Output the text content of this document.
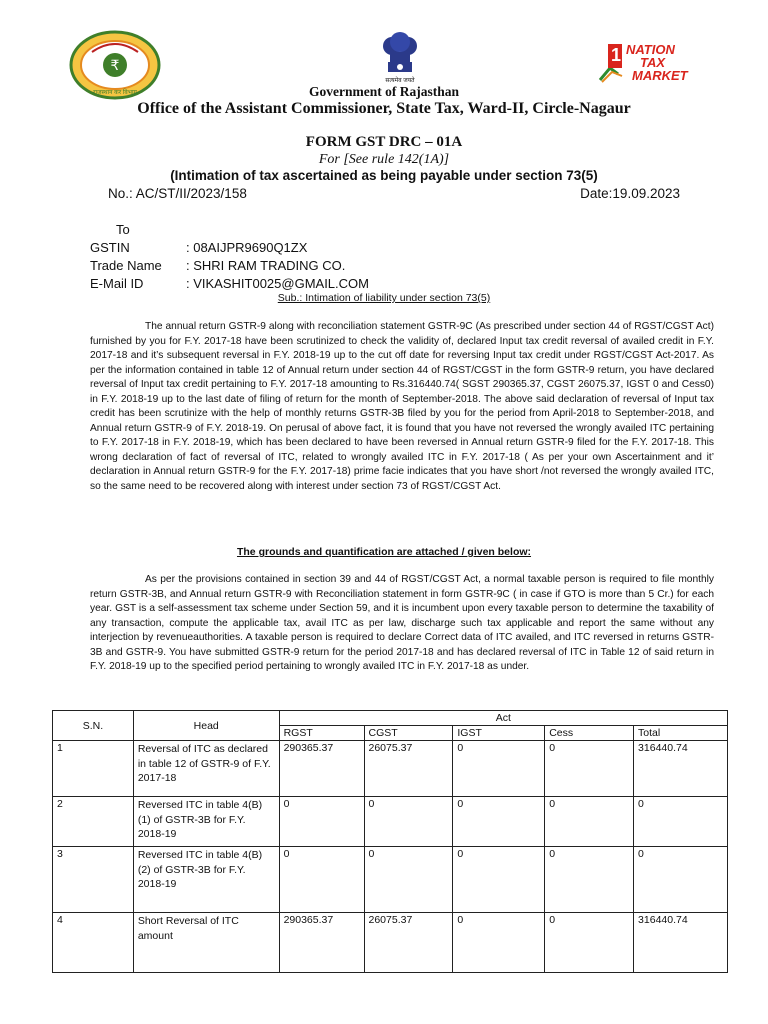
₹
राजस्थान कर विभाग
सत्यमेव जयते
1 NATION
TAX
MARKET
Government of Rajasthan
Office of the Assistant Commissioner, State Tax, Ward-II, Circle-Nagaur
FORM GST DRC – 01A
For [See rule 142(1A)]
(Intimation of tax ascertained as being payable under section 73(5)
No.: AC/ST/II/2023/158	Date:19.09.2023
To
GSTIN	: 08AIJPR9690Q1ZX
Trade Name : SHRI RAM TRADING CO.
E-Mail ID	: VIKASHIT0025@GMAIL.COM
Sub.: Intimation of liability under section 73(5)

The annual return GSTR-9 along with reconciliation statement GSTR-9C (As prescribed under section 44 of RGST/CGST Act) furnished by you for F.Y. 2017-18 have been scrutinized to check the validity of, declared Input tax credit reversal of availed credit in F.Y. 2017-18 and it’s subsequent reversal in F.Y. 2018-19 up to the cut off date for reversing Input tax credit under RGST/CGST Act-2017. As per the information contained in table 12 of Annual return under section 44 of RGST/CGST in the form GSTR-9 return, you have declared reversal of Input tax credit pertaining to F.Y. 2017-18 amounting to Rs.316440.74( SGST 290365.37, CGST 26075.37, IGST 0 and Cess0) in F.Y. 2018-19 up to the last date of filing of return for the month of September-2018. The above said declaration of reversal of Input tax credit has been scrutinize with the help of monthly returns GSTR-3B filed by you for the period from April-2018 to September-2018, and Annual return GSTR-9 of F.Y. 2018-19. On perusal of above fact, it is found that you have not reversed the wrongly availed ITC pertaining to F.Y. 2017-18 in F.Y. 2018-19, which has been declared to have been reversed in Annual return GSTR-9 filed for the F.Y. 2017-18. This wrong declaration of fact of reversal of ITC, related to wrongly availed ITC in F.Y. 2017-18 ( As per your own Ascertainment and it’ declaration in Annual return GSTR-9 for the F.Y. 2017-18) prime facie indicates that you have short /not reversed the wrongly availed ITC, so the same need to be recovered along with interest under section 73 of RGST/CGST Act.

The grounds and quantification are attached / given below:

As per the provisions contained in section 39 and 44 of RGST/CGST Act, a normal taxable person is required to file monthly return GSTR-3B, and Annual return GSTR-9 with Reconciliation statement in form GSTR-9C ( in case if GTO is more than 5 Cr.) for each year. GST is a self-assessment tax scheme under Section 59, and it is incumbent upon every taxable person to determine the taxability of any transaction, compute the applicable tax, avail ITC as per law, discharge such tax applicable and report the same without any interjection by revenueauthorities. A taxable person is required to declare Correct data of ITC availed, and ITC reversed in returns GSTR-3B and GSTR-9. You have submitted GSTR-9 return for the period 2017-18 and has declared reversal of ITC in Table 12 of said return in F.Y. 2018-19 up to the specified period pertaining to wrongly availed ITC in F.Y. 2017-18 as under.

S.N.	Head	Act				
		RGST	CGST	IGST	Cess	Total
1	Reversal of ITC as declared in table 12 of GSTR-9 of F.Y. 2017-18	290365.37	26075.37	0	0	316440.74
2	Reversed ITC in table 4(B)(1) of GSTR-3B for F.Y. 2018-19	0	0	0	0	0
3	Reversed ITC in table 4(B)(2) of GSTR-3B for F.Y. 2018-19	0	0	0	0	0
4	Short Reversal of ITC amount	290365.37	26075.37	0	0	316440.74
